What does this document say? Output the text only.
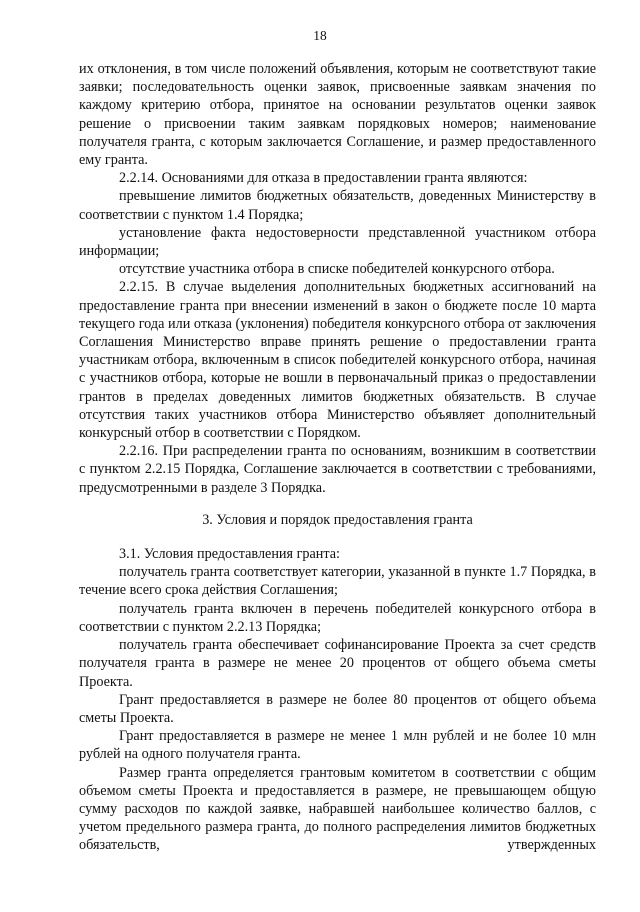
18

их отклонения, в том числе положений объявления, которым не соответствуют такие заявки; последовательность оценки заявок, присвоенные заявкам значения по каждому критерию отбора, принятое на основании результатов оценки заявок решение о присвоении таким заявкам порядковых номеров; наименование получателя гранта, с которым заключается Соглашение, и размер предоставленного ему гранта.

2.2.14. Основаниями для отказа в предоставлении гранта являются:

превышение лимитов бюджетных обязательств, доведенных Министерству в соответствии с пунктом 1.4 Порядка;

установление факта недостоверности представленной участником отбора информации;

отсутствие участника отбора в списке победителей конкурсного отбора.

2.2.15. В случае выделения дополнительных бюджетных ассигнований на предоставление гранта при внесении изменений в закон о бюджете после 10 марта текущего года или отказа (уклонения) победителя конкурсного отбора от заключения Соглашения Министерство вправе принять решение о предоставлении гранта участникам отбора, включенным в список победителей конкурсного отбора, начиная с участников отбора, которые не вошли в первоначальный приказ о предоставлении грантов в пределах доведенных лимитов бюджетных обязательств. В случае отсутствия таких участников отбора Министерство объявляет дополнительный конкурсный отбор в соответствии с Порядком.

2.2.16. При распределении гранта по основаниям, возникшим в соответствии с пунктом 2.2.15 Порядка, Соглашение заключается в соответствии с требованиями, предусмотренными в разделе 3 Порядка.

3. Условия и порядок предоставления гранта

3.1. Условия предоставления гранта:

получатель гранта соответствует категории, указанной в пункте 1.7 Порядка, в течение всего срока действия Соглашения;

получатель гранта включен в перечень победителей конкурсного отбора в соответствии с пунктом 2.2.13 Порядка;

получатель гранта обеспечивает софинансирование Проекта за счет средств получателя гранта в размере не менее 20 процентов от общего объема сметы Проекта.

Грант предоставляется в размере не более 80 процентов от общего объема сметы Проекта.

Грант предоставляется в размере не менее 1 млн рублей и не более 10 млн рублей на одного получателя гранта.

Размер гранта определяется грантовым комитетом в соответствии с общим объемом сметы Проекта и предоставляется в размере, не превышающем общую сумму расходов по каждой заявке, набравшей наибольшее количество баллов, с учетом предельного размера гранта, до полного распределения лимитов бюджетных обязательств, утвержденных
